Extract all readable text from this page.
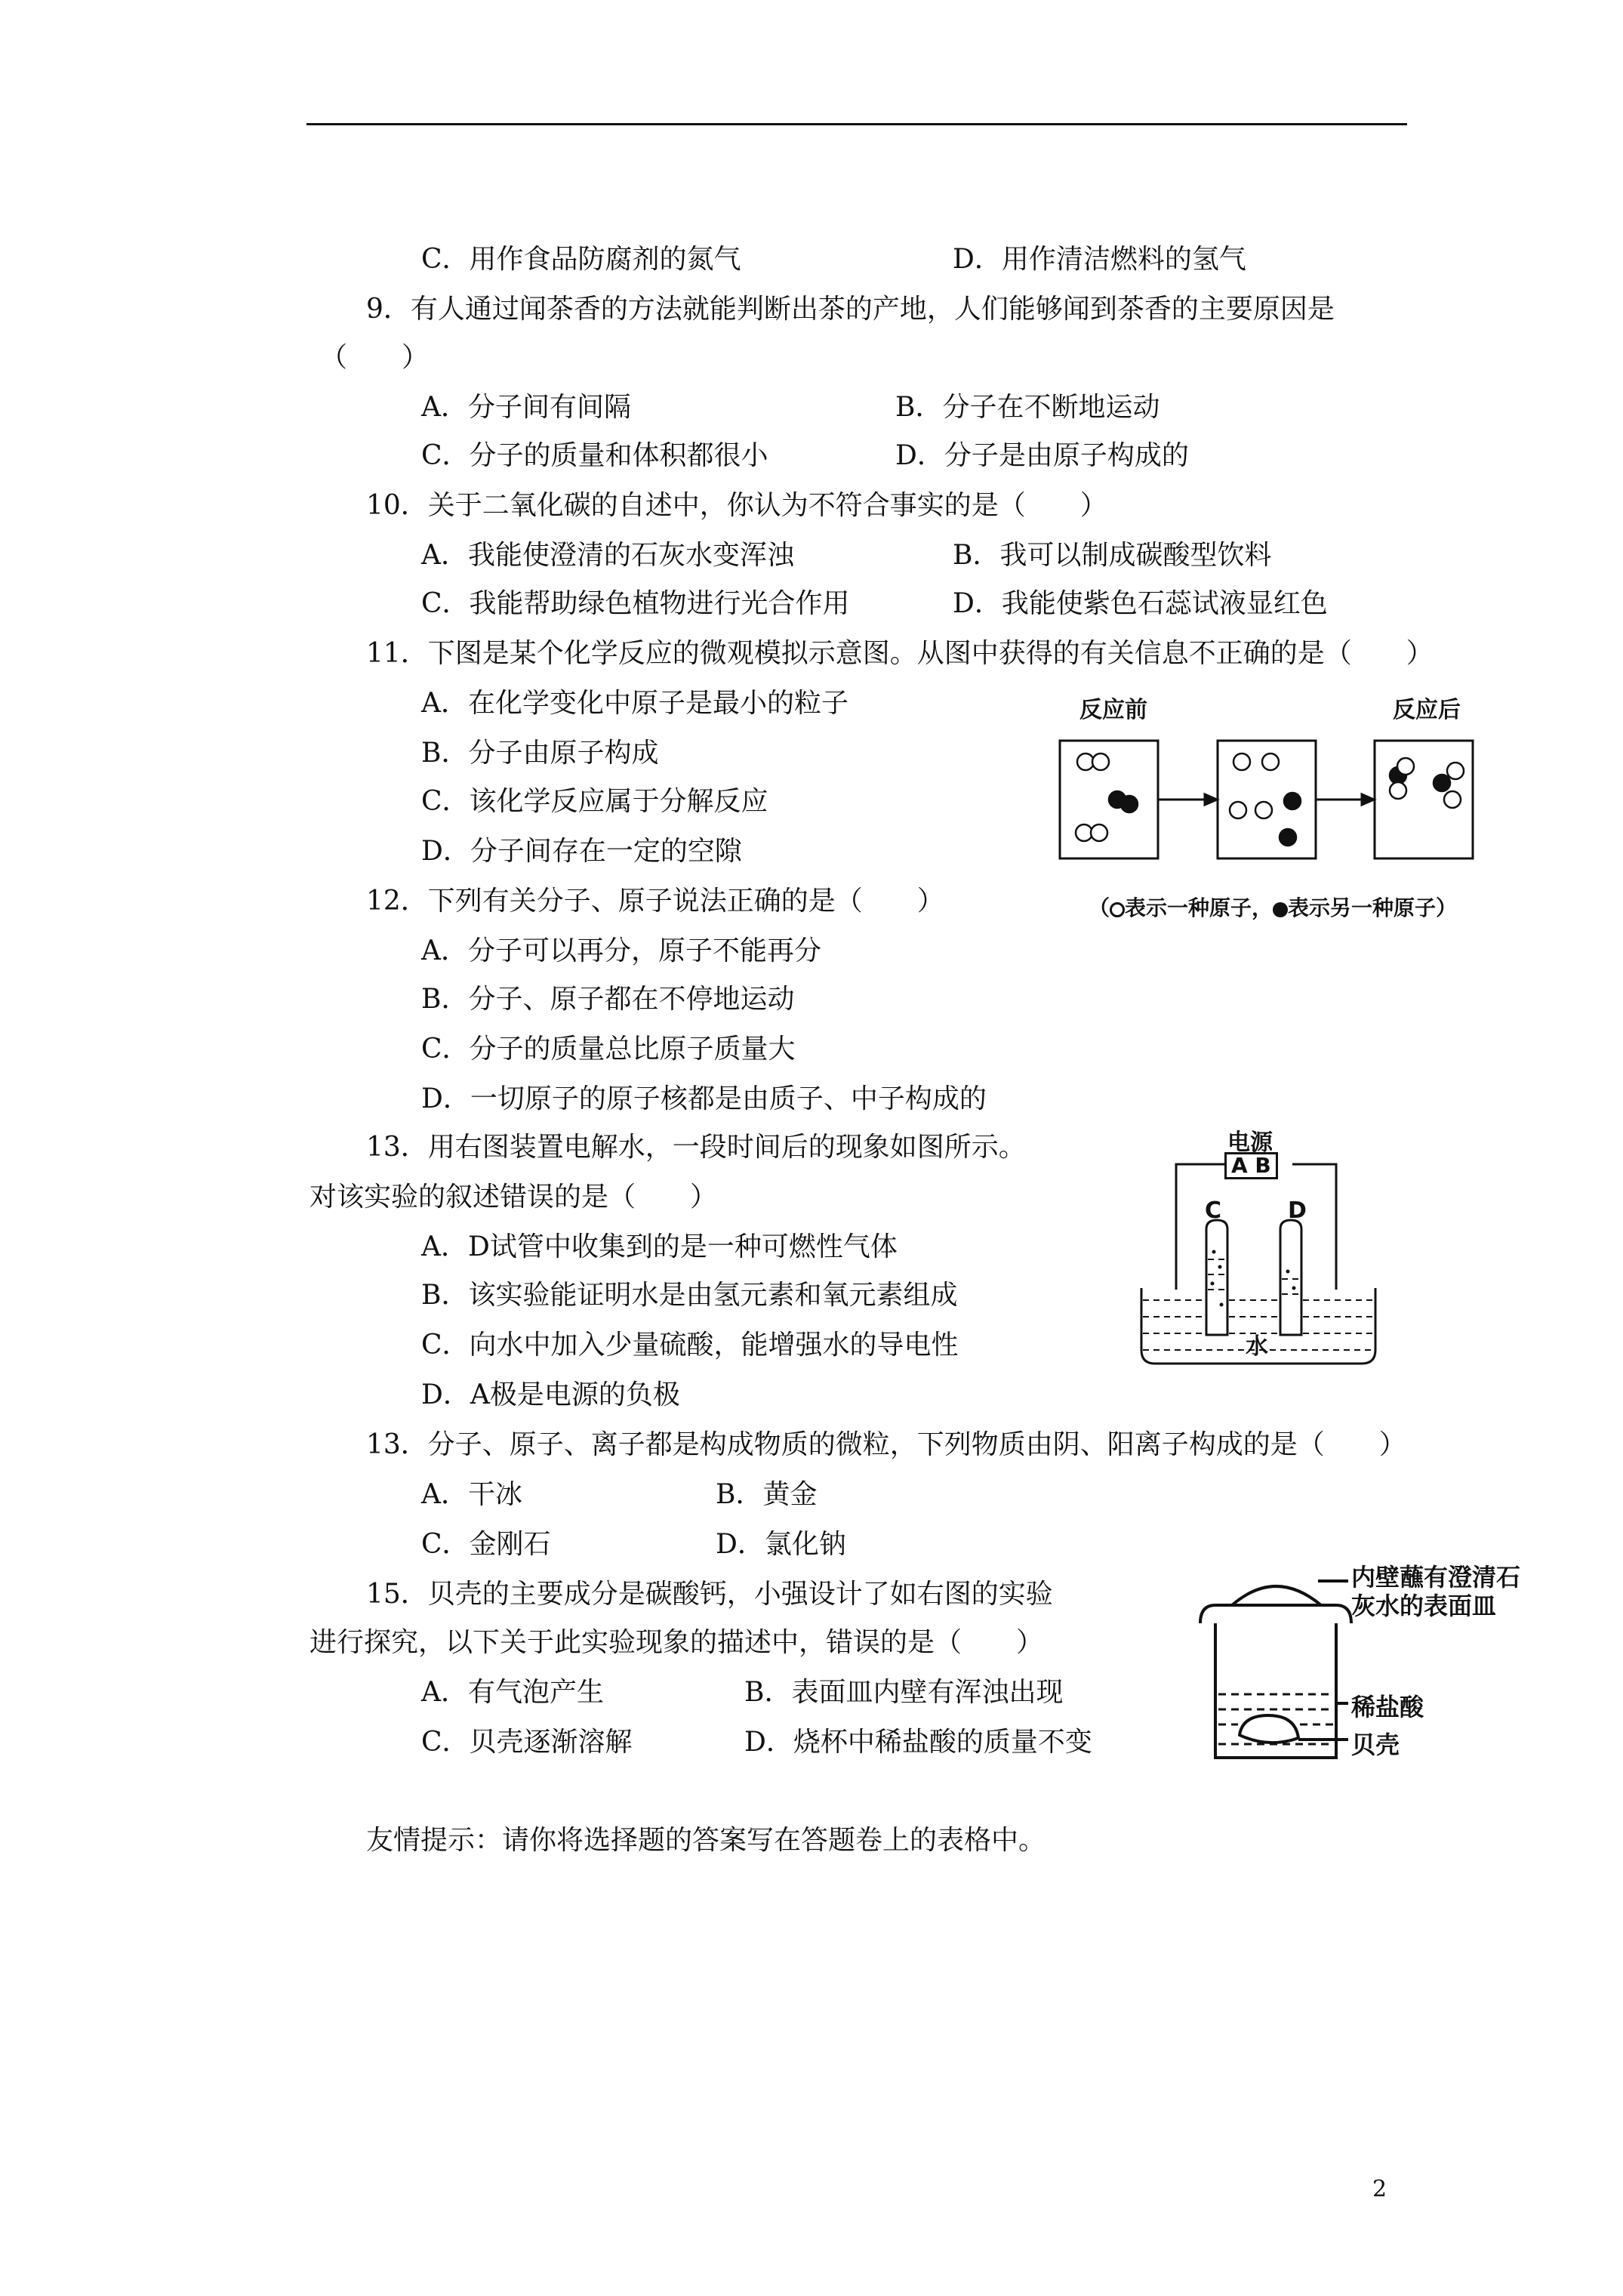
C．用作食品防腐剂的氮气	D．用作清洁燃料的氢气
9．有人通过闻茶香的方法就能判断出茶的产地，人们能够闻到茶香的主要原因是
（　　）
A．分子间有间隔	B．分子在不断地运动
C．分子的质量和体积都很小	D．分子是由原子构成的
10．关于二氧化碳的自述中，你认为不符合事实的是（　　）
A．我能使澄清的石灰水变浑浊	B．我可以制成碳酸型饮料
C．我能帮助绿色植物进行光合作用	D．我能使紫色石蕊试液显红色
11．下图是某个化学反应的微观模拟示意图。从图中获得的有关信息不正确的是（　　）
A．在化学变化中原子是最小的粒子
B．分子由原子构成
C．该化学反应属于分解反应
D．分子间存在一定的空隙
反应前	反应后
（ 表示一种原子， 表示另一种原子）
12．下列有关分子、原子说法正确的是（　　）
A．分子可以再分，原子不能再分
B．分子、原子都在不停地运动
C．分子的质量总比原子质量大
D．一切原子的原子核都是由质子、中子构成的
13．用右图装置电解水，一段时间后的现象如图所示。
对该实验的叙述错误的是（　　）
A．D试管中收集到的是一种可燃性气体
B．该实验能证明水是由氢元素和氧元素组成
C．向水中加入少量硫酸，能增强水的导电性
D．A极是电源的负极
电源
A B
C	D
水
13．分子、原子、离子都是构成物质的微粒，下列物质由阴、阳离子构成的是（　　）
A．干冰	B．黄金
C．金刚石	D．氯化钠
15．贝壳的主要成分是碳酸钙，小强设计了如右图的实验
进行探究，以下关于此实验现象的描述中，错误的是（　　）
A．有气泡产生	B．表面皿内壁有浑浊出现
C．贝壳逐渐溶解	D．烧杯中稀盐酸的质量不变
内壁蘸有澄清石
灰水的表面皿
稀盐酸
贝壳
友情提示：请你将选择题的答案写在答题卷上的表格中。
2
